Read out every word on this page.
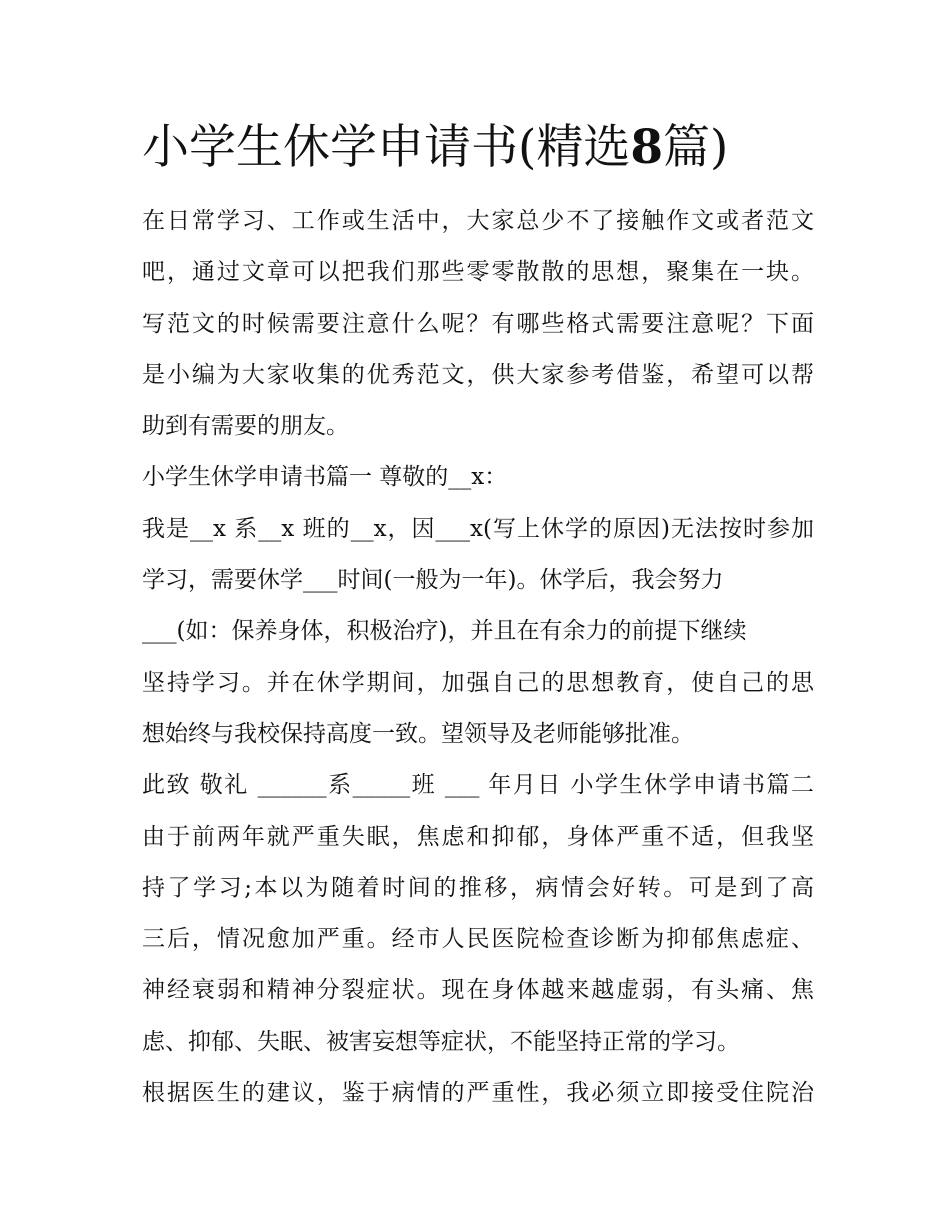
小学生休学申请书(精选8篇)
在日常学习、工作或生活中，大家总少不了接触作文或者范文
吧，通过文章可以把我们那些零零散散的思想，聚集在一块。
写范文的时候需要注意什么呢？有哪些格式需要注意呢？下面
是小编为大家收集的优秀范文，供大家参考借鉴，希望可以帮
助到有需要的朋友。
小学生休学申请书篇一 尊敬的__x：
我是__x 系__x 班的__x，因___x(写上休学的原因)无法按时参加
学习，需要休学___时间(一般为一年)。休学后，我会努力
___(如：保养身体，积极治疗)，并且在有余力的前提下继续
坚持学习。并在休学期间，加强自己的思想教育，使自己的思
想始终与我校保持高度一致。望领导及老师能够批准。
此致 敬礼 ______系_____班 ___ 年月日 小学生休学申请书篇二
由于前两年就严重失眠，焦虑和抑郁，身体严重不适，但我坚
持了学习;本以为随着时间的推移，病情会好转。可是到了高
三后，情况愈加严重。经市人民医院检查诊断为抑郁焦虑症、
神经衰弱和精神分裂症状。现在身体越来越虚弱，有头痛、焦
虑、抑郁、失眠、被害妄想等症状，不能坚持正常的学习。
根据医生的建议，鉴于病情的严重性，我必须立即接受住院治
